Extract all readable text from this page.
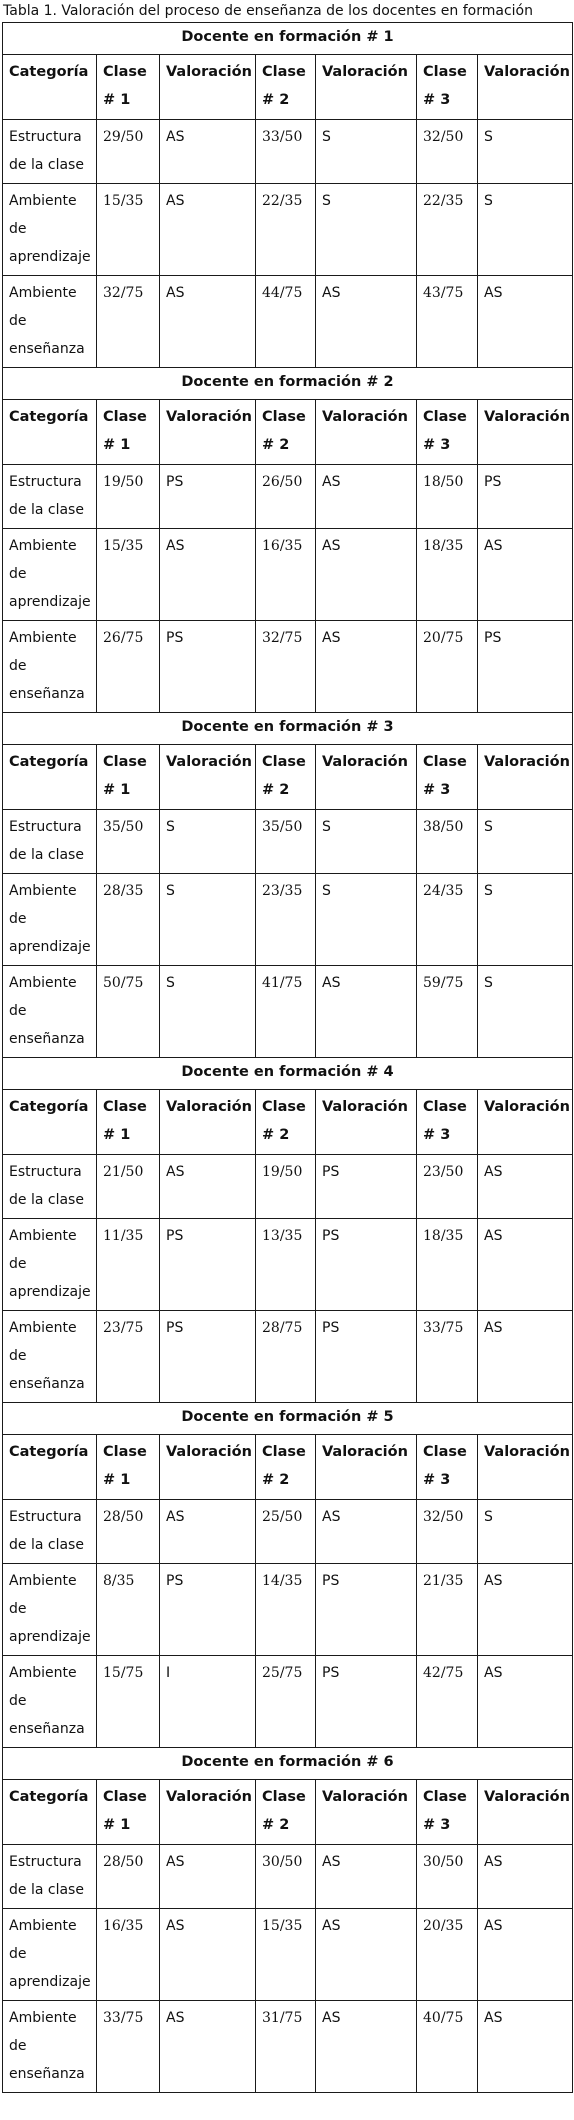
Tabla 1. Valoración del proceso de enseñanza de los docentes en formación
Docente en formación # 1						
Categoría	Clase # 1	Valoración	Clase # 2	Valoración	Clase # 3	Valoración
Estructura de la clase	29/50	AS	33/50	S	32/50	S
Ambiente de aprendizaje	15/35	AS	22/35	S	22/35	S
Ambiente de enseñanza	32/75	AS	44/75	AS	43/75	AS
Docente en formación # 2						
Categoría	Clase # 1	Valoración	Clase # 2	Valoración	Clase # 3	Valoración
Estructura de la clase	19/50	PS	26/50	AS	18/50	PS
Ambiente de aprendizaje	15/35	AS	16/35	AS	18/35	AS
Ambiente de enseñanza	26/75	PS	32/75	AS	20/75	PS
Docente en formación # 3						
Categoría	Clase # 1	Valoración	Clase # 2	Valoración	Clase # 3	Valoración
Estructura de la clase	35/50	S	35/50	S	38/50	S
Ambiente de aprendizaje	28/35	S	23/35	S	24/35	S
Ambiente de enseñanza	50/75	S	41/75	AS	59/75	S
Docente en formación # 4						
Categoría	Clase # 1	Valoración	Clase # 2	Valoración	Clase # 3	Valoración
Estructura de la clase	21/50	AS	19/50	PS	23/50	AS
Ambiente de aprendizaje	11/35	PS	13/35	PS	18/35	AS
Ambiente de enseñanza	23/75	PS	28/75	PS	33/75	AS
Docente en formación # 5						
Categoría	Clase # 1	Valoración	Clase # 2	Valoración	Clase # 3	Valoración
Estructura de la clase	28/50	AS	25/50	AS	32/50	S
Ambiente de aprendizaje	8/35	PS	14/35	PS	21/35	AS
Ambiente de enseñanza	15/75	I	25/75	PS	42/75	AS
Docente en formación # 6						
Categoría	Clase # 1	Valoración	Clase # 2	Valoración	Clase # 3	Valoración
Estructura de la clase	28/50	AS	30/50	AS	30/50	AS
Ambiente de aprendizaje	16/35	AS	15/35	AS	20/35	AS
Ambiente de enseñanza	33/75	AS	31/75	AS	40/75	AS
